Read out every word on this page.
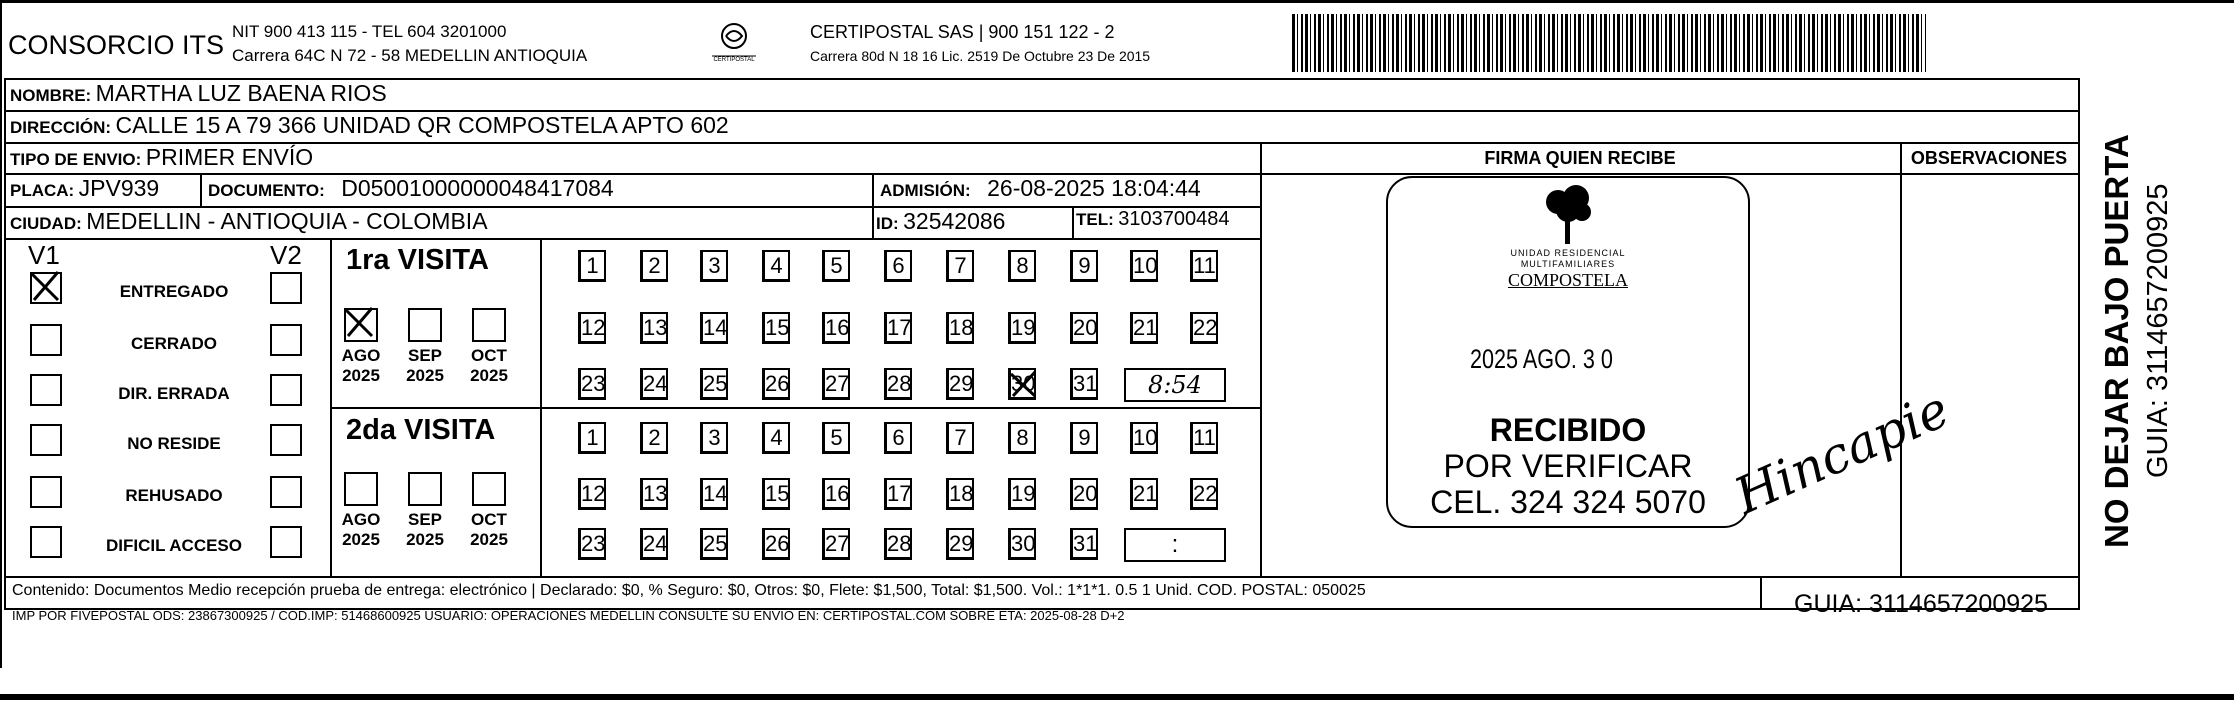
CONSORCIO ITS NIT 900 413 115 - TEL 604 3201000
Carrera 64C N 72 - 58 MEDELLIN ANTIOQUIA	CERTIPOSTAL
CERTIPOSTAL SAS | 900 151 122 - 2
Carrera 80d N 18 16 Lic. 2519 De Octubre 23 De 2015
NOMBRE: MARTHA LUZ BAENA RIOS
DIRECCIÓN: CALLE 15 A 79 366 UNIDAD QR COMPOSTELA APTO 602
TIPO DE ENVIO: PRIMER ENVÍO
PLACA: JPV939	DOCUMENTO: D05001000000048417084	ADMISIÓN: 26-08-2025 18:04:44
CIUDAD: MEDELLIN - ANTIOQUIA - COLOMBIA	ID: 32542086	TEL: 3103700484
FIRMA QUIEN RECIBE	OBSERVACIONES
UNIDAD RESIDENCIAL
MULTIFAMILIARES
COMPOSTELA
2025 AGO. 3 0
RECIBIDO
POR VERIFICAR
CEL. 324 324 5070 Hincapie
V1	V2 1ra VISITA
2da VISITA
Contenido: Documentos Medio recepción prueba de entrega: electrónico | Declarado: $0, % Seguro: $0, Otros: $0, Flete: $1,500, Total: $1,500. Vol.: 1*1*1. 0.5 1 Unid. COD. POSTAL: 050025
IMP POR FIVEPOSTAL ODS: 23867300925 / COD.IMP: 51468600925 USUARIO: OPERACIONES MEDELLIN CONSULTE SU ENVIO EN: CERTIPOSTAL.COM SOBRE ETA: 2025-08-28 D+2	GUIA: 3114657200925
NO DEJAR BAJO PUERTA GUIA: 3114657200925
ENTREGADO
CERRADO
DIR. ERRADA
NO RESIDE
REHUSADO
DIFICIL ACCESO
AGO
2025
SEP
2025
OCT
2025
AGO
2025
SEP
2025
OCT
2025
1	2	3	4	5	6	7	8	9	10 11
12 13 14 15 16 17 18 19 20 21 22
23 24 25 26 27 28 29 30 31	8:54
1	2	3	4	5	6	7	8	9	10 11
12 13 14 15 16 17 18 19 20 21 22
23 24 25 26 27 28 29 30 31	:
